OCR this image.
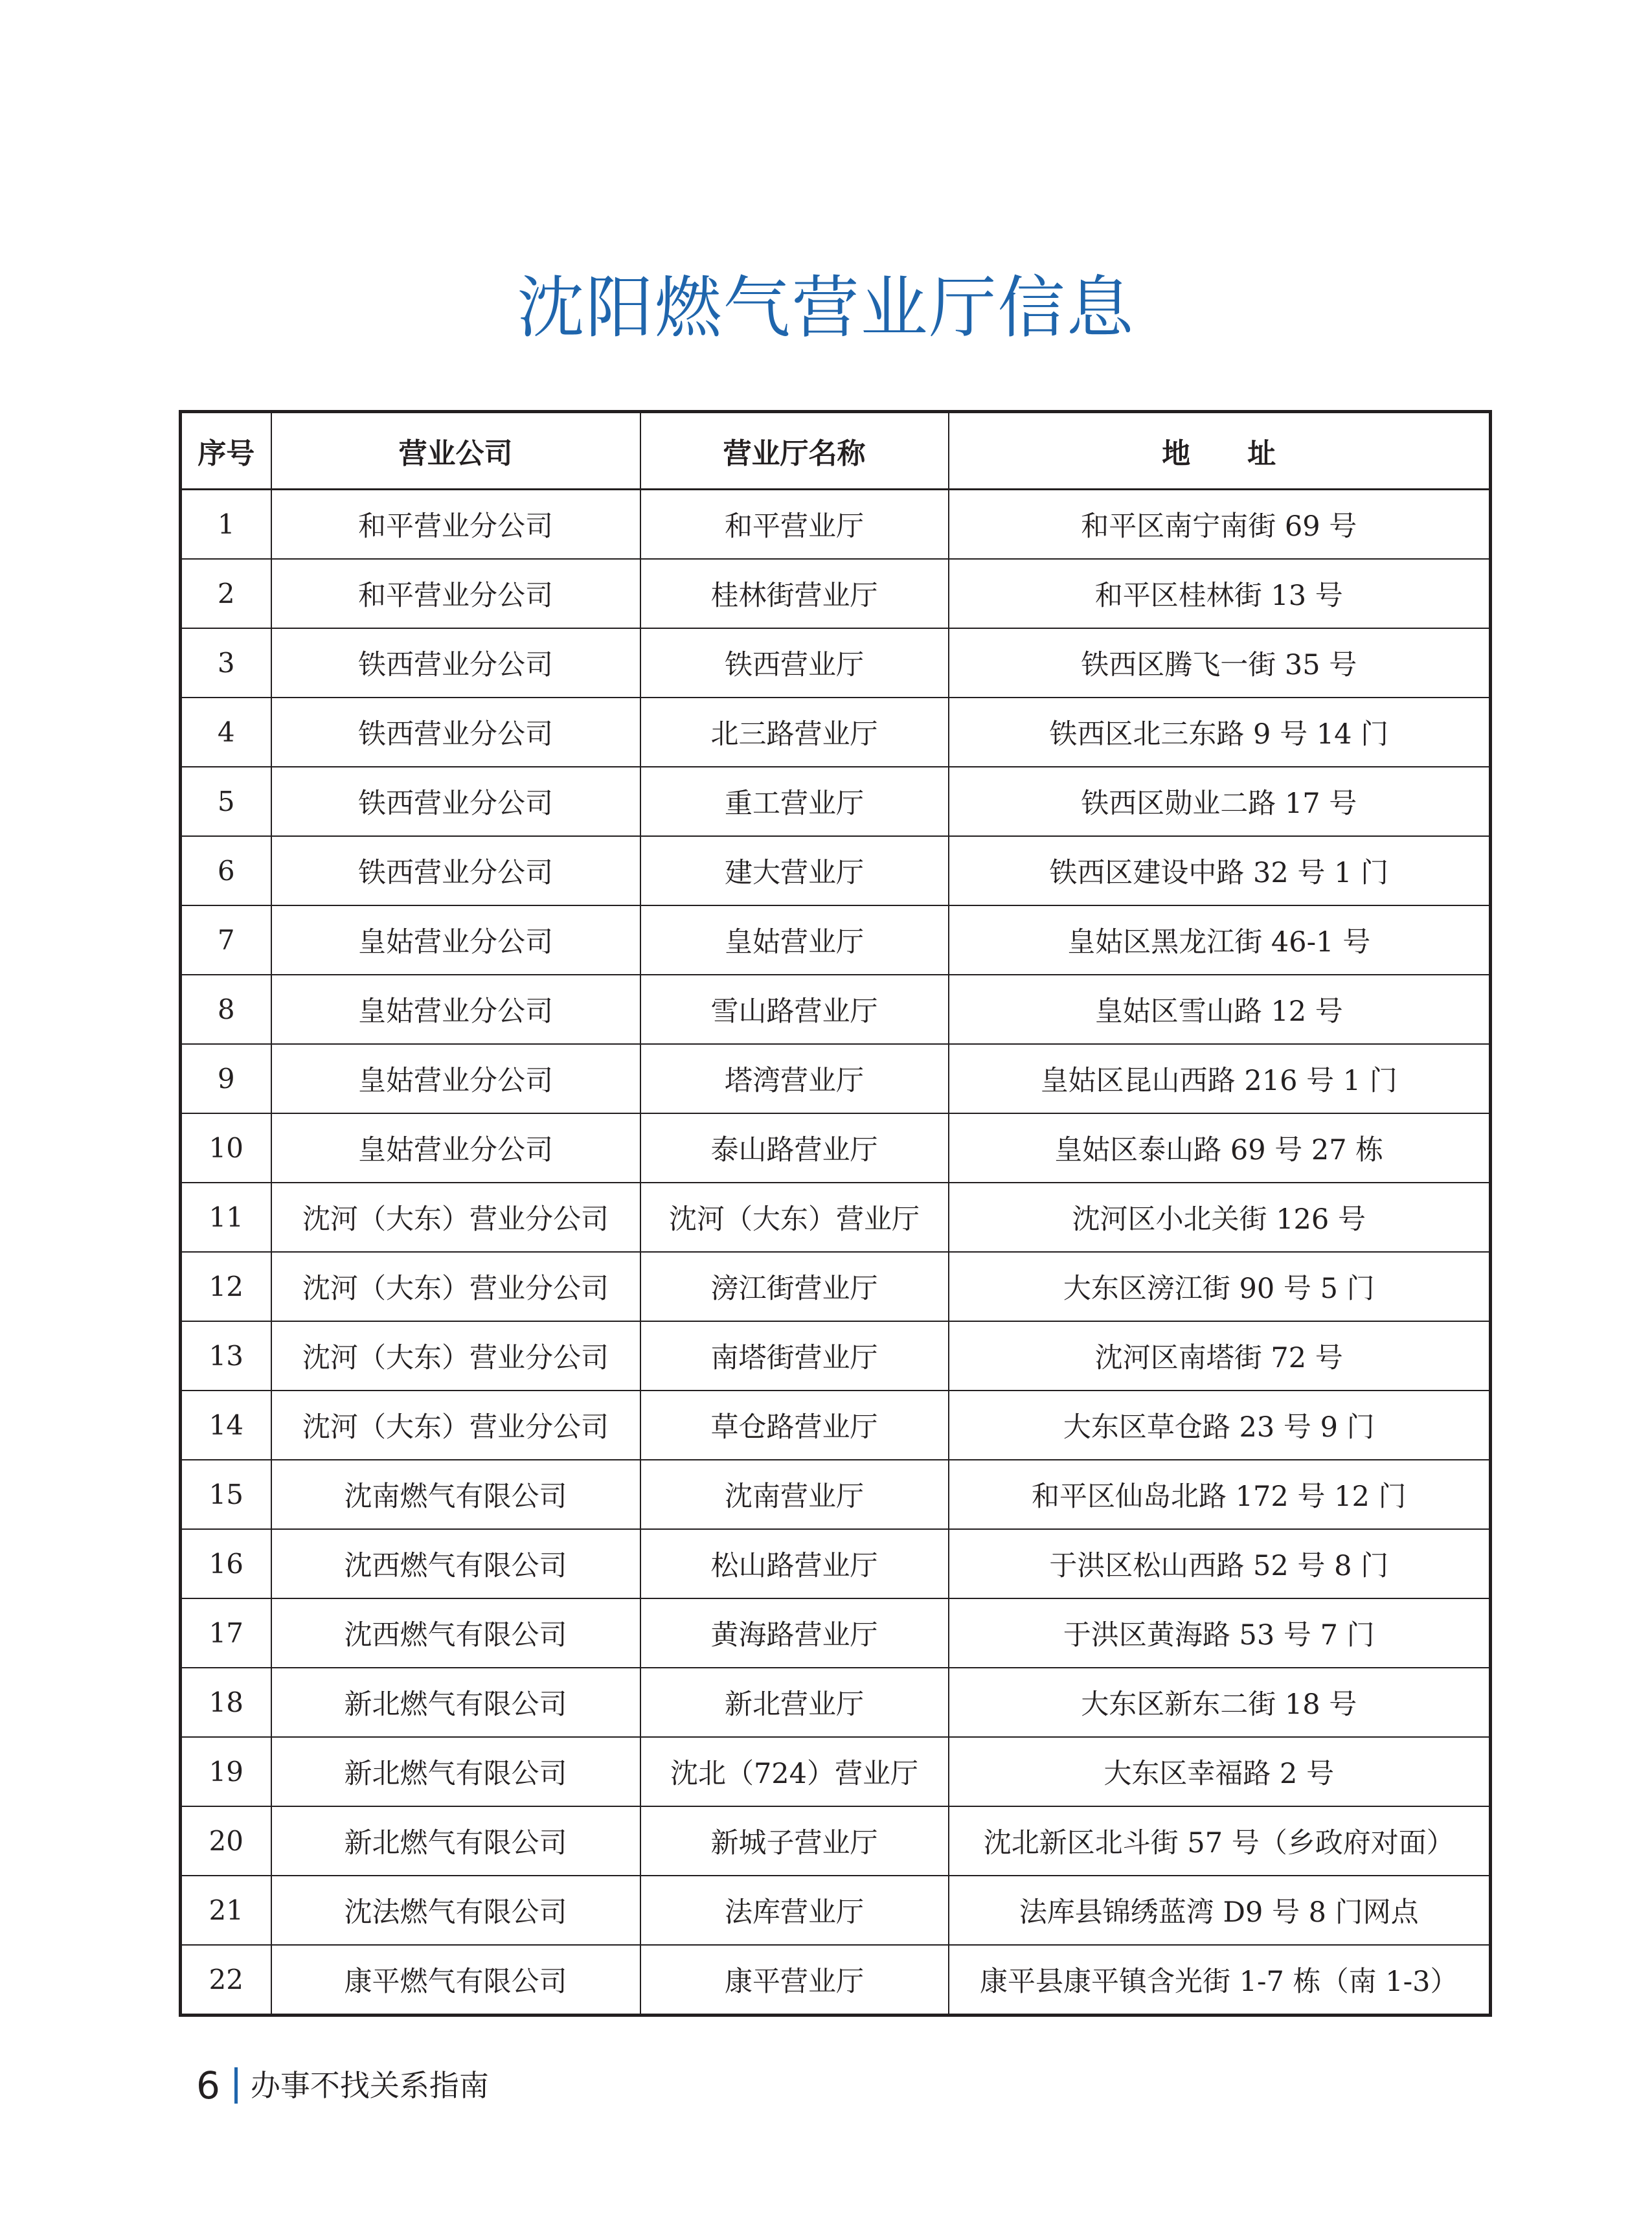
沈阳燃气营业厅信息
序号	营业公司	营业厅名称	地　　址
1	和平营业分公司	和平营业厅	和平区南宁南街 69 号
2	和平营业分公司	桂林街营业厅	和平区桂林街 13 号
3	铁西营业分公司	铁西营业厅	铁西区腾飞一街 35 号
4	铁西营业分公司	北三路营业厅	铁西区北三东路 9 号 14 门
5	铁西营业分公司	重工营业厅	铁西区勋业二路 17 号
6	铁西营业分公司	建大营业厅	铁西区建设中路 32 号 1 门
7	皇姑营业分公司	皇姑营业厅	皇姑区黑龙江街 46-1 号
8	皇姑营业分公司	雪山路营业厅	皇姑区雪山路 12 号
9	皇姑营业分公司	塔湾营业厅	皇姑区昆山西路 216 号 1 门
10	皇姑营业分公司	泰山路营业厅	皇姑区泰山路 69 号 27 栋
11	沈河（大东）营业分公司	沈河（大东）营业厅	沈河区小北关街 126 号
12	沈河（大东）营业分公司	滂江街营业厅	大东区滂江街 90 号 5 门
13	沈河（大东）营业分公司	南塔街营业厅	沈河区南塔街 72 号
14	沈河（大东）营业分公司	草仓路营业厅	大东区草仓路 23 号 9 门
15	沈南燃气有限公司	沈南营业厅	和平区仙岛北路 172 号 12 门
16	沈西燃气有限公司	松山路营业厅	于洪区松山西路 52 号 8 门
17	沈西燃气有限公司	黄海路营业厅	于洪区黄海路 53 号 7 门
18	新北燃气有限公司	新北营业厅	大东区新东二街 18 号
19	新北燃气有限公司	沈北（724）营业厅	大东区幸福路 2 号
20	新北燃气有限公司	新城子营业厅	沈北新区北斗街 57 号（乡政府对面）
21	沈法燃气有限公司	法库营业厅	法库县锦绣蓝湾 D9 号 8 门网点
22	康平燃气有限公司	康平营业厅	康平县康平镇含光街 1-7 栋（南 1-3）
6 办事不找关系指南
